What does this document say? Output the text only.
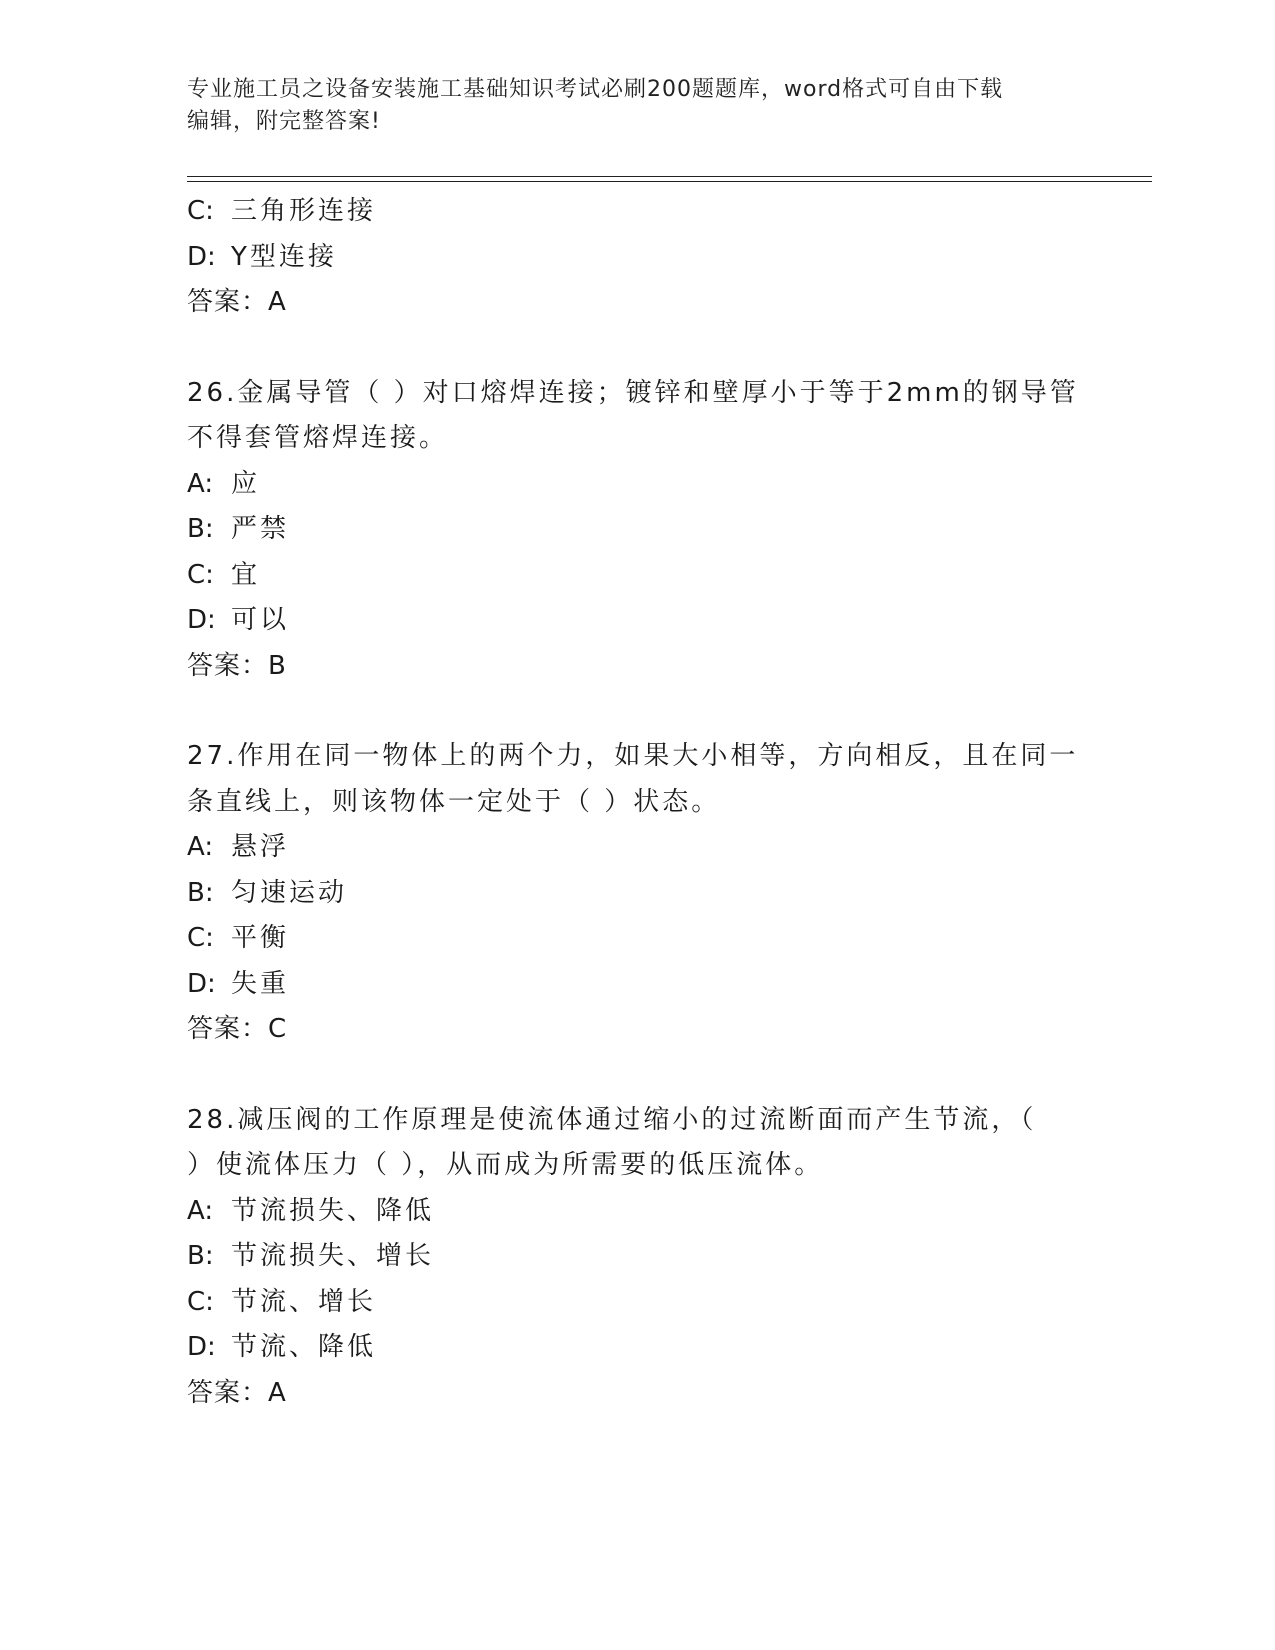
专业施工员之设备安装施工基础知识考试必刷200题题库，word格式可自由下载
编辑，附完整答案!
C: 三角形连接
D: Y型连接
答案：A
26.金属导管（ ）对口熔焊连接；镀锌和壁厚小于等于2mm的钢导管
不得套管熔焊连接。
A: 应
B: 严禁
C: 宜
D: 可以
答案：B
27.作用在同一物体上的两个力，如果大小相等，方向相反，且在同一
条直线上，则该物体一定处于（ ）状态。
A: 悬浮
B: 匀速运动
C: 平衡
D: 失重
答案：C
28.减压阀的工作原理是使流体通过缩小的过流断面而产生节流，（
）使流体压力（ ），从而成为所需要的低压流体。
A: 节流损失、降低
B: 节流损失、增长
C: 节流、增长
D: 节流、降低
答案：A
